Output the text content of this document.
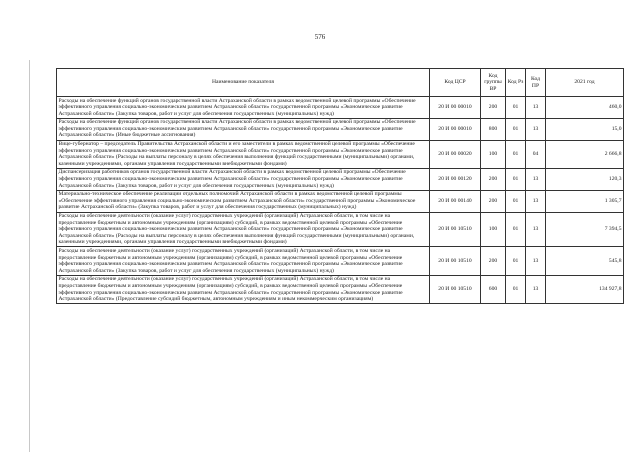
576
Наименование показателя	Код ЦСР	Код группы ВР	Код Рз	Код ПР	2021 год
Расходы на обеспечение функций органов государственной власти Астраханской области в рамках ведомственной целевой программы «Обеспечение эффективного управления социально-экономическим развитием Астраханской области» государственной программы «Экономическое развитие Астраханской области» (Закупка товаров, работ и услуг для обеспечения государственных (муниципальных) нужд)	20 И 00 00010	200	01	13	460,0
Расходы на обеспечение функций органов государственной власти Астраханской области в рамках ведомственной целевой программы «Обеспечение эффективного управления социально-экономическим развитием Астраханской области» государственной программы «Экономическое развитие Астраханской области» (Иные бюджетные ассигнования)	20 И 00 00010	800	01	13	15,0
Вице-губернатор – председатель Правительства Астраханской области и его заместители в рамках ведомственной целевой программы «Обеспечение эффективного управления социально-экономическим развитием Астраханской области» государственной программы «Экономическое развитие Астраханской области» (Расходы на выплаты персоналу в целях обеспечения выполнения функций государственными (муниципальными) органами, казенными учреждениями, органами управления государственными внебюджетными фондами)	20 И 00 00020	100	01	04	2 666,8
Диспансеризация работников органов государственной власти Астраханской области в рамках ведомственной целевой программы «Обеспечение эффективного управления социально-экономическим развитием Астраханской области» государственной программы «Экономическое развитие Астраханской области» (Закупка товаров, работ и услуг для обеспечения государственных (муниципальных) нужд)	20 И 00 00120	200	01	13	120,3
Материально-техническое обеспечение реализации отдельных полномочий Астраханской области в рамках ведомственной целевой программы «Обеспечение эффективного управления социально-экономическим развитием Астраханской области» государственной программы «Экономическое развитие Астраханской области» (Закупка товаров, работ и услуг для обеспечения государственных (муниципальных) нужд)	20 И 00 00140	200	01	13	1 305,7
Расходы на обеспечение деятельности (оказание услуг) государственных учреждений (организаций) Астраханской области, в том числе на предоставление бюджетным и автономным учреждениям (организациям) субсидий, в рамках ведомственной целевой программы «Обеспечение эффективного управления социально-экономическим развитием Астраханской области» государственной программы «Экономическое развитие Астраханской области» (Расходы на выплаты персоналу в целях обеспечения выполнения функций государственными (муниципальными) органами, казенными учреждениями, органами управления государственными внебюджетными фондами)	20 И 00 10510	100	01	13	7 394,5
Расходы на обеспечение деятельности (оказание услуг) государственных учреждений (организаций) Астраханской области, в том числе на предоставление бюджетным и автономным учреждениям (организациям) субсидий, в рамках ведомственной целевой программы «Обеспечение эффективного управления социально-экономическим развитием Астраханской области» государственной программы «Экономическое развитие Астраханской области» (Закупка товаров, работ и услуг для обеспечения государственных (муниципальных) нужд)	20 И 00 10510	200	01	13	545,8
Расходы на обеспечение деятельности (оказание услуг) государственных учреждений (организаций) Астраханской области, в том числе на предоставление бюджетным и автономным учреждениям (организациям) субсидий, в рамках ведомственной целевой программы «Обеспечение эффективного управления социально-экономическим развитием Астраханской области» государственной программы «Экономическое развитие Астраханской области» (Предоставление субсидий бюджетным, автономным учреждениям и иным некоммерческим организациям)	20 И 00 10510	600	01	13	134 927,8
